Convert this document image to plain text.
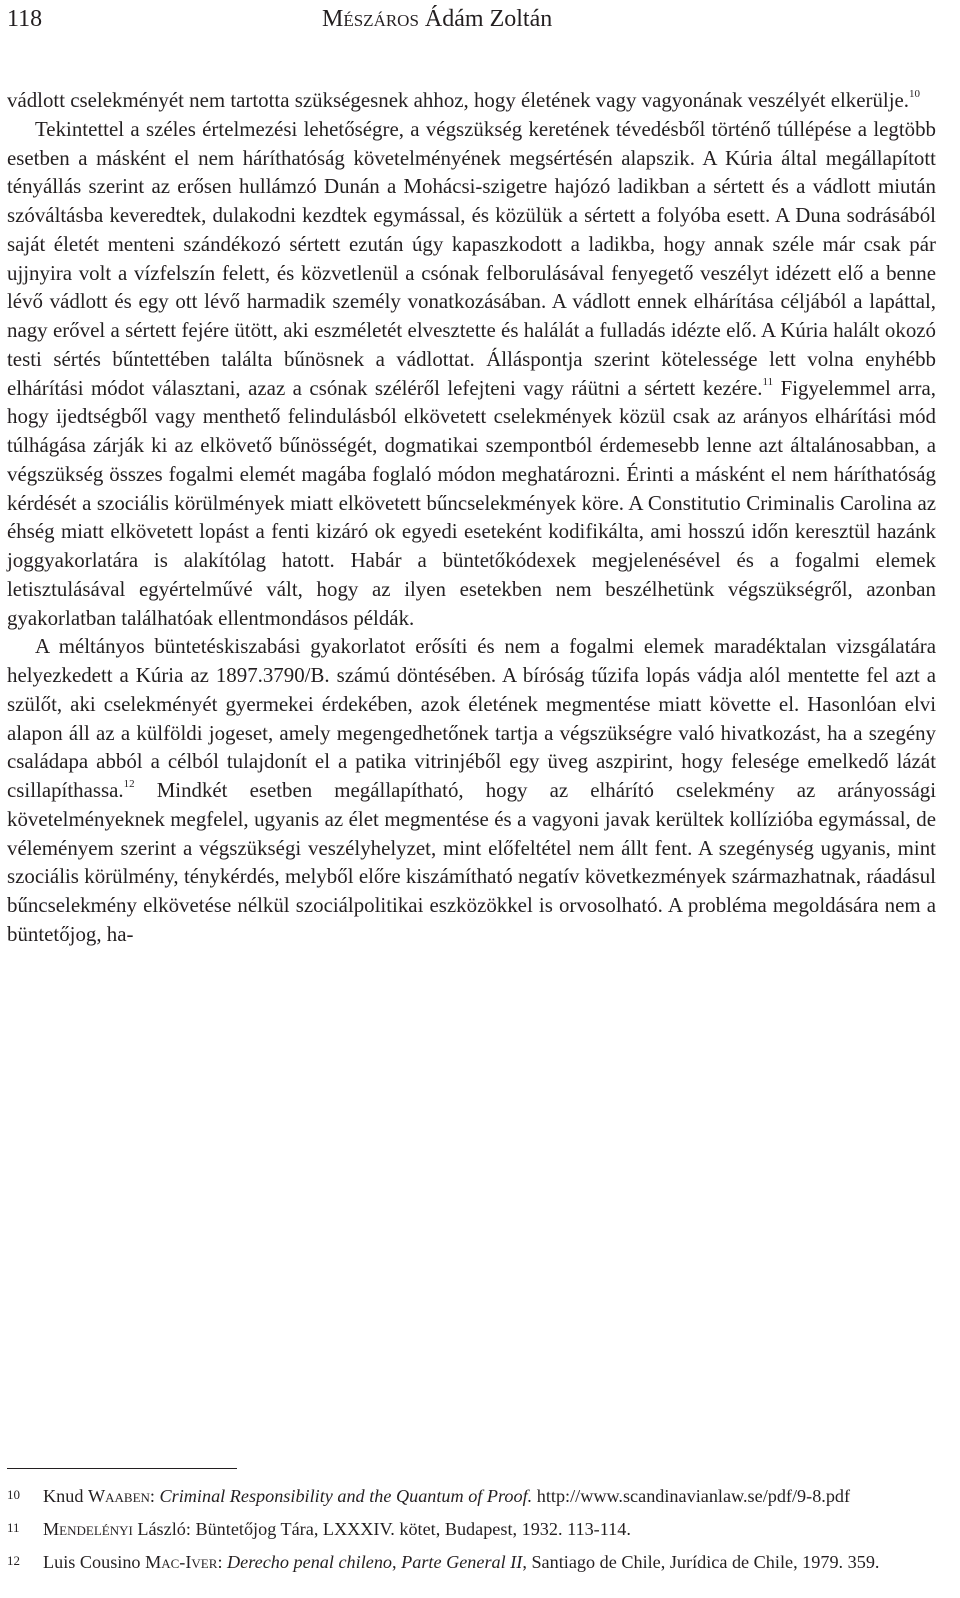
118	Mészáros Ádám Zoltán

vádlott cselekményét nem tartotta szükségesnek ahhoz, hogy életének vagy vagyonának veszélyét elkerülje.$^{10}$

Tekintettel a széles értelmezési lehetőségre, a végszükség keretének tévedésből történő túllépése a legtöbb esetben a másként el nem háríthatóság követelményének megsértésén alapszik. A Kúria által megállapított tényállás szerint az erősen hullámzó Dunán a Mohácsi-szigetre hajózó ladikban a sértett és a vádlott miután szóváltásba keveredtek, dulakodni kezdtek egymással, és közülük a sértett a folyóba esett. A Duna sodrásából saját életét menteni szándékozó sértett ezután úgy kapaszkodott a ladikba, hogy annak széle már csak pár ujjnyira volt a vízfelszín felett, és közvetlenül a csónak felborulásával fenyegető veszélyt idézett elő a benne lévő vádlott és egy ott lévő harmadik személy vonatkozásában. A vádlott ennek elhárítása céljából a lapáttal, nagy erővel a sértett fejére ütött, aki eszméletét elvesztette és halálát a fulladás idézte elő. A Kúria halált okozó testi sértés bűntettében találta bűnösnek a vádlottat. Álláspontja szerint kötelessége lett volna enyhébb elhárítási módot választani, azaz a csónak széléről lefejteni vagy ráütni a sértett kezére.$^{11}$ Figyelemmel arra, hogy ijedtségből vagy menthető felindulásból elkövetett cselekmények közül csak az arányos elhárítási mód túlhágása zárják ki az elkövető bűnösségét, dogmatikai szempontból érdemesebb lenne azt általánosabban, a végszükség összes fogalmi elemét magába foglaló módon meghatározni. Érinti a másként el nem háríthatóság kérdését a szociális körülmények miatt elkövetett bűncselekmények köre. A Constitutio Criminalis Carolina az éhség miatt elkövetett lopást a fenti kizáró ok egyedi eseteként kodifikálta, ami hosszú időn keresztül hazánk joggyakorlatára is alakítólag hatott. Habár a büntetőkódexek megjelenésével és a fogalmi elemek letisztulásával egyértelművé vált, hogy az ilyen esetekben nem beszélhetünk végszükségről, azonban gyakorlatban találhatóak ellentmondásos példák.

A méltányos büntetéskiszabási gyakorlatot erősíti és nem a fogalmi elemek maradéktalan vizsgálatára helyezkedett a Kúria az 1897.3790/B. számú döntésében. A bíróság tűzifa lopás vádja alól mentette fel azt a szülőt, aki cselekményét gyermekei érdekében, azok életének megmentése miatt követte el. Hasonlóan elvi alapon áll az a külföldi jogeset, amely megengedhetőnek tartja a végszükségre való hivatkozást, ha a szegény családapa abból a célból tulajdonít el a patika vitrinjéből egy üveg aszpirint, hogy felesége emelkedő lázát csillapíthassa.$^{12}$ Mindkét esetben megállapítható, hogy az elhárító cselekmény az arányossági követelményeknek megfelel, ugyanis az élet megmentése és a vagyoni javak kerültek kollízióba egymással, de véleményem szerint a végszükségi veszélyhelyzet, mint előfeltétel nem állt fent. A szegénység ugyanis, mint szociális körülmény, ténykérdés, melyből előre kiszámítható negatív következmények származhatnak, ráadásul bűncselekmény elkövetése nélkül szociálpolitikai eszközökkel is orvosolható. A probléma megoldására nem a büntetőjog, ha-

10 Knud Waaben: Criminal Responsibility and the Quantum of Proof. http://www.scandinavianlaw.se/pdf/9-8.pdf
11 Mendelényi László: Büntetőjog Tára, LXXXIV. kötet, Budapest, 1932. 113-114.
12 Luis Cousino Mac-Iver: Derecho penal chileno, Parte General II, Santiago de Chile, Jurídica de Chile, 1979. 359.
